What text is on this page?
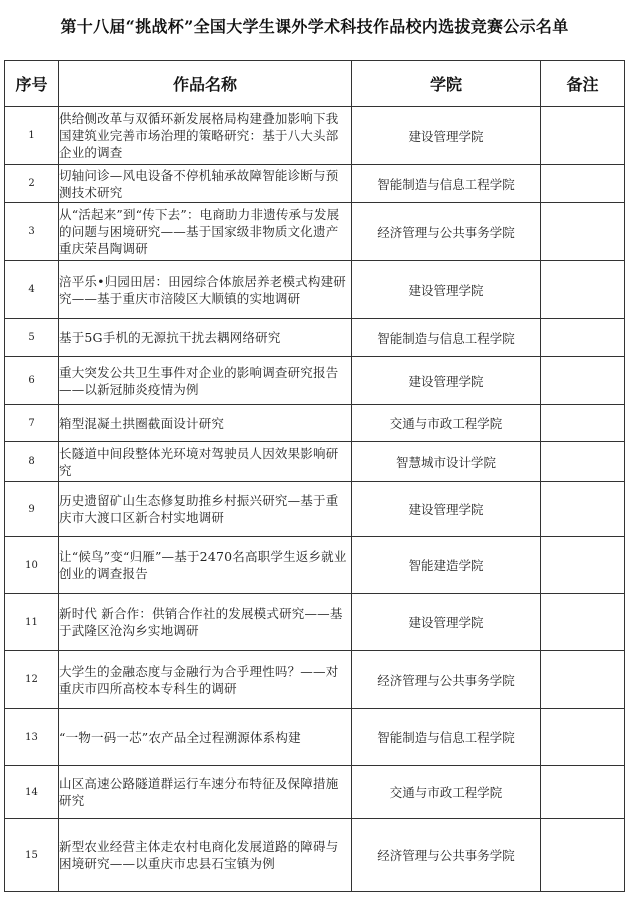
第十八届“挑战杯”全国大学生课外学术科技作品校内选拔竞赛公示名单
序号	作品名称	学院	备注
1	供给侧改革与双循环新发展格局构建叠加影响下我国建筑业完善市场治理的策略研究：基于八大头部企业的调查	建设管理学院	
2	切轴问诊—风电设备不停机轴承故障智能诊断与预测技术研究	智能制造与信息工程学院	
3	从“活起来”到“传下去”：电商助力非遗传承与发展的问题与困境研究——基于国家级非物质文化遗产重庆荣昌陶调研	经济管理与公共事务学院	
4	涪平乐•归园田居：田园综合体旅居养老模式构建研究——基于重庆市涪陵区大顺镇的实地调研	建设管理学院	
5	基于5G手机的无源抗干扰去耦网络研究	智能制造与信息工程学院	
6	重大突发公共卫生事件对企业的影响调查研究报告——以新冠肺炎疫情为例	建设管理学院	
7	箱型混凝土拱圈截面设计研究	交通与市政工程学院	
8	长隧道中间段整体光环境对驾驶员人因效果影响研究	智慧城市设计学院	
9	历史遗留矿山生态修复助推乡村振兴研究—基于重庆市大渡口区新合村实地调研	建设管理学院	
10	让“候鸟”变“归雁”—基于2470名高职学生返乡就业创业的调查报告	智能建造学院	
11	新时代 新合作：供销合作社的发展模式研究——基于武隆区沧沟乡实地调研	建设管理学院	
12	大学生的金融态度与金融行为合乎理性吗？——对重庆市四所高校本专科生的调研	经济管理与公共事务学院	
13	“一物一码一芯”农产品全过程溯源体系构建	智能制造与信息工程学院	
14	山区高速公路隧道群运行车速分布特征及保障措施研究	交通与市政工程学院	
15	新型农业经营主体走农村电商化发展道路的障碍与困境研究——以重庆市忠县石宝镇为例	经济管理与公共事务学院	
